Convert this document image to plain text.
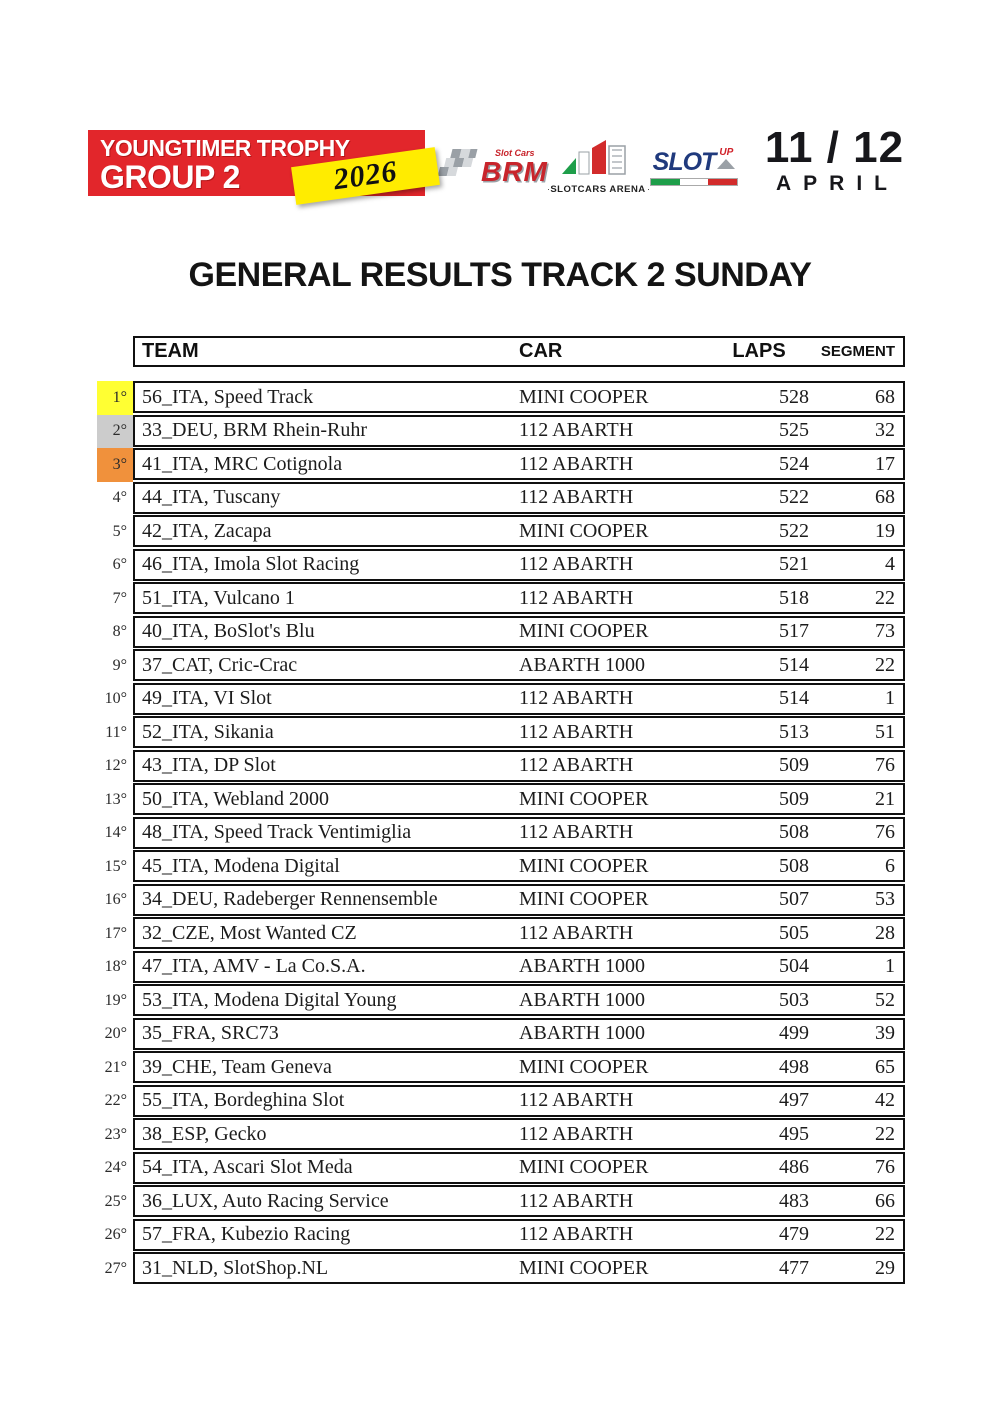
YOUNGTIMER TROPHY
GROUP 2	2026
Slot Cars
BRM
SLOTCARS ARENA
SLOT UP 11 / 12
APRIL
GENERAL RESULTS TRACK 2 SUNDAY
TEAM	CAR	LAPS	SEGMENT
1° 56_ITA, Speed Track	MINI COOPER	528	68
2° 33_DEU, BRM Rhein-Ruhr	112 ABARTH	525	32
3° 41_ITA, MRC Cotignola	112 ABARTH	524	17
4° 44_ITA, Tuscany	112 ABARTH	522	68
5° 42_ITA, Zacapa	MINI COOPER	522	19
6° 46_ITA, Imola Slot Racing	112 ABARTH	521	4
7° 51_ITA, Vulcano 1	112 ABARTH	518	22
8° 40_ITA, BoSlot's Blu	MINI COOPER	517	73
9° 37_CAT, Cric-Crac	ABARTH 1000	514	22
10° 49_ITA, VI Slot	112 ABARTH	514	1
11° 52_ITA, Sikania	112 ABARTH	513	51
12° 43_ITA, DP Slot	112 ABARTH	509	76
13° 50_ITA, Webland 2000	MINI COOPER	509	21
14° 48_ITA, Speed Track Ventimiglia	112 ABARTH	508	76
15° 45_ITA, Modena Digital	MINI COOPER	508	6
16° 34_DEU, Radeberger Rennensemble	MINI COOPER	507	53
17° 32_CZE, Most Wanted CZ	112 ABARTH	505	28
18° 47_ITA, AMV - La Co.S.A.	ABARTH 1000	504	1
19° 53_ITA, Modena Digital Young	ABARTH 1000	503	52
20° 35_FRA, SRC73	ABARTH 1000	499	39
21° 39_CHE, Team Geneva	MINI COOPER	498	65
22° 55_ITA, Bordeghina Slot	112 ABARTH	497	42
23° 38_ESP, Gecko	112 ABARTH	495	22
24° 54_ITA, Ascari Slot Meda	MINI COOPER	486	76
25° 36_LUX, Auto Racing Service	112 ABARTH	483	66
26° 57_FRA, Kubezio Racing	112 ABARTH	479	22
27° 31_NLD, SlotShop.NL	MINI COOPER	477	29
